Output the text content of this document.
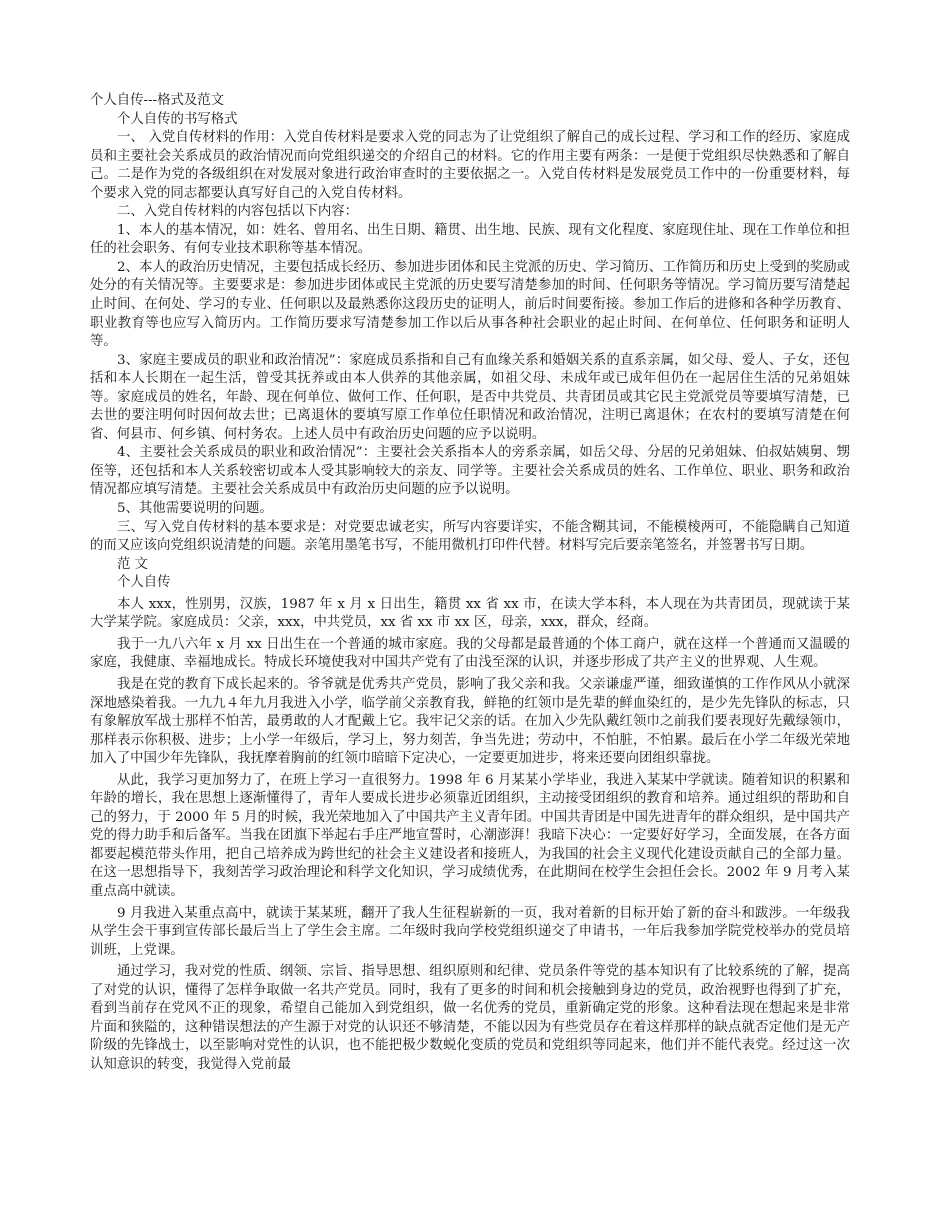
个人自传---格式及范文

个人自传的书写格式

一、 入党自传材料的作用：入党自传材料是要求入党的同志为了让党组织了解自己的成长过程、学习和工作的经历、家庭成员和主要社会关系成员的政治情况而向党组织递交的介绍自己的材料。它的作用主要有两条：一是便于党组织尽快熟悉和了解自己。二是作为党的各级组织在对发展对象进行政治审查时的主要依据之一。入党自传材料是发展党员工作中的一份重要材料，每个要求入党的同志都要认真写好自己的入党自传材料。

二、入党自传材料的内容包括以下内容：

1、本人的基本情况，如：姓名、曾用名、出生日期、籍贯、出生地、民族、现有文化程度、家庭现住址、现在工作单位和担任的社会职务、有何专业技术职称等基本情况。

2、本人的政治历史情况，主要包括成长经历、参加进步团体和民主党派的历史、学习简历、工作简历和历史上受到的奖励或处分的有关情况等。主要要求是：参加进步团体或民主党派的历史要写清楚参加的时间、任何职务等情况。学习简历要写清楚起止时间、在何处、学习的专业、任何职以及最熟悉你这段历史的证明人，前后时间要衔接。参加工作后的进修和各种学历教育、职业教育等也应写入简历内。工作简历要求写清楚参加工作以后从事各种社会职业的起止时间、在何单位、任何职务和证明人等。

3、家庭主要成员的职业和政治情况”：家庭成员系指和自己有血缘关系和婚姻关系的直系亲属，如父母、爱人、子女，还包括和本人长期在一起生活，曾受其抚养或由本人供养的其他亲属，如祖父母、未成年或已成年但仍在一起居住生活的兄弟姐妹等。家庭成员的姓名，年龄、现在何单位、做何工作、任何职，是否中共党员、共青团员或其它民主党派党员等要填写清楚，已去世的要注明何时因何故去世；已离退休的要填写原工作单位任职情况和政治情况，注明已离退休；在农村的要填写清楚在何省、何县市、何乡镇、何村务农。上述人员中有政治历史问题的应予以说明。

4、主要社会关系成员的职业和政治情况”：主要社会关系指本人的旁系亲属，如岳父母、分居的兄弟姐妹、伯叔姑姨舅、甥侄等，还包括和本人关系较密切或本人受其影响较大的亲友、同学等。主要社会关系成员的姓名、工作单位、职业、职务和政治情况都应填写清楚。主要社会关系成员中有政治历史问题的应予以说明。

5、其他需要说明的问题。

三、写入党自传材料的基本要求是：对党要忠诚老实，所写内容要详实，不能含糊其词，不能模棱两可，不能隐瞒自己知道的而又应该向党组织说清楚的问题。亲笔用墨笔书写，不能用微机打印件代替。材料写完后要亲笔签名，并签署书写日期。

范 文

个人自传

本人 xxx，性别男，汉族，1987 年 x 月 x 日出生，籍贯 xx 省 xx 市，在读大学本科，本人现在为共青团员，现就读于某大学某学院。家庭成员：父亲，xxx，中共党员，xx 省 xx 市 xx 区，母亲，xxx，群众，经商。

我于一九八六年 x 月 xx 日出生在一个普通的城市家庭。我的父母都是最普通的个体工商户，就在这样一个普通而又温暖的家庭，我健康、幸福地成长。特成长环境使我对中国共产党有了由浅至深的认识，并逐步形成了共产主义的世界观、人生观。

我是在党的教育下成长起来的。爷爷就是优秀共产党员，影响了我父亲和我。父亲谦虚严谨，细致谨慎的工作作风从小就深深地感染着我。一九九４年九月我进入小学，临学前父亲教育我，鲜艳的红领巾是先辈的鲜血染红的，是少先先锋队的标志，只有象解放军战士那样不怕苦，最勇敢的人才配戴上它。我牢记父亲的话。在加入少先队戴红领巾之前我们要表现好先戴绿领巾，那样表示你积极、进步；上小学一年级后，学习上，努力刻苦，争当先进；劳动中，不怕脏，不怕累。最后在小学二年级光荣地加入了中国少年先锋队，我抚摩着胸前的红领巾暗暗下定决心，一定要更加进步，将来还要向团组织靠拢。

从此，我学习更加努力了，在班上学习一直很努力。1998 年 6 月某某小学毕业，我进入某某中学就读。随着知识的积累和年龄的增长，我在思想上逐渐懂得了，青年人要成长进步必须靠近团组织，主动接受团组织的教育和培养。通过组织的帮助和自己的努力，于 2000 年 5 月的时候，我光荣地加入了中国共产主义青年团。中国共青团是中国先进青年的群众组织，是中国共产党的得力助手和后备军。当我在团旗下举起右手庄严地宣誓时，心潮澎湃！我暗下决心：一定要好好学习，全面发展，在各方面都要起模范带头作用，把自己培养成为跨世纪的社会主义建设者和接班人，为我国的社会主义现代化建设贡献自己的全部力量。在这一思想指导下，我刻苦学习政治理论和科学文化知识，学习成绩优秀，在此期间在校学生会担任会长。2002 年 9 月考入某重点高中就读。

9 月我进入某重点高中，就读于某某班，翻开了我人生征程崭新的一页，我对着新的目标开始了新的奋斗和跋涉。一年级我从学生会干事到宣传部长最后当上了学生会主席。二年级时我向学校党组织递交了申请书，一年后我参加学院党校举办的党员培训班，上党课。

通过学习，我对党的性质、纲领、宗旨、指导思想、组织原则和纪律、党员条件等党的基本知识有了比较系统的了解，提高了对党的认识，懂得了怎样争取做一名共产党员。同时，我有了更多的时间和机会接触到身边的党员，政治视野也得到了扩充，看到当前存在党风不正的现象，希望自己能加入到党组织，做一名优秀的党员，重新确定党的形象。这种看法现在想起来是非常片面和狭隘的，这种错误想法的产生源于对党的认识还不够清楚，不能以因为有些党员存在着这样那样的缺点就否定他们是无产阶级的先锋战士，以至影响对党性的认识，也不能把极少数蜕化变质的党员和党组织等同起来，他们并不能代表党。经过这一次认知意识的转变，我觉得入党前最
